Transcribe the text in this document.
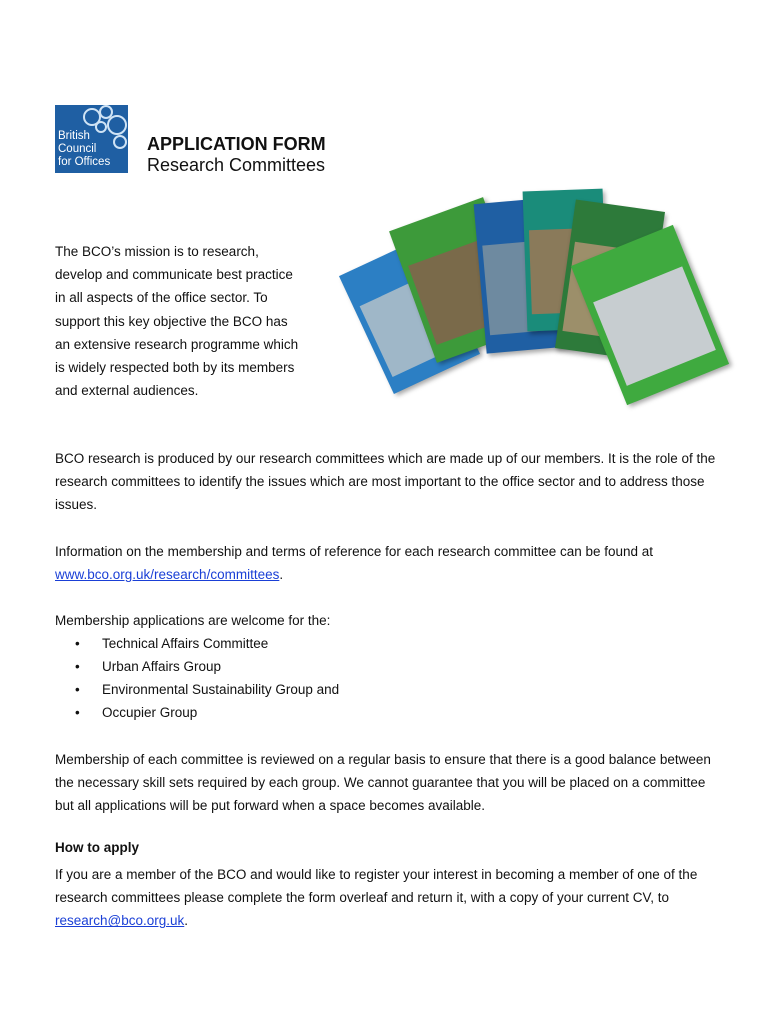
British
Council
for Offices
APPLICATION FORM
Research Committees
The BCO’s mission is to research, develop and communicate best practice in all aspects of the office sector. To support this key objective the BCO has an extensive research programme which is widely respected both by its members and external audiences.

BCO research is produced by our research committees which are made up of our members. It is the role of the research committees to identify the issues which are most important to the office sector and to address those issues.

Information on the membership and terms of reference for each research committee can be found at www.bco.org.uk/research/committees.

Membership applications are welcome for the:

• Technical Affairs Committee
• Urban Affairs Group
• Environmental Sustainability Group and
• Occupier Group

Membership of each committee is reviewed on a regular basis to ensure that there is a good balance between the necessary skill sets required by each group. We cannot guarantee that you will be placed on a committee but all applications will be put forward when a space becomes available.

How to apply

If you are a member of the BCO and would like to register your interest in becoming a member of one of the research committees please complete the form overleaf and return it, with a copy of your current CV, to research@bco.org.uk.
